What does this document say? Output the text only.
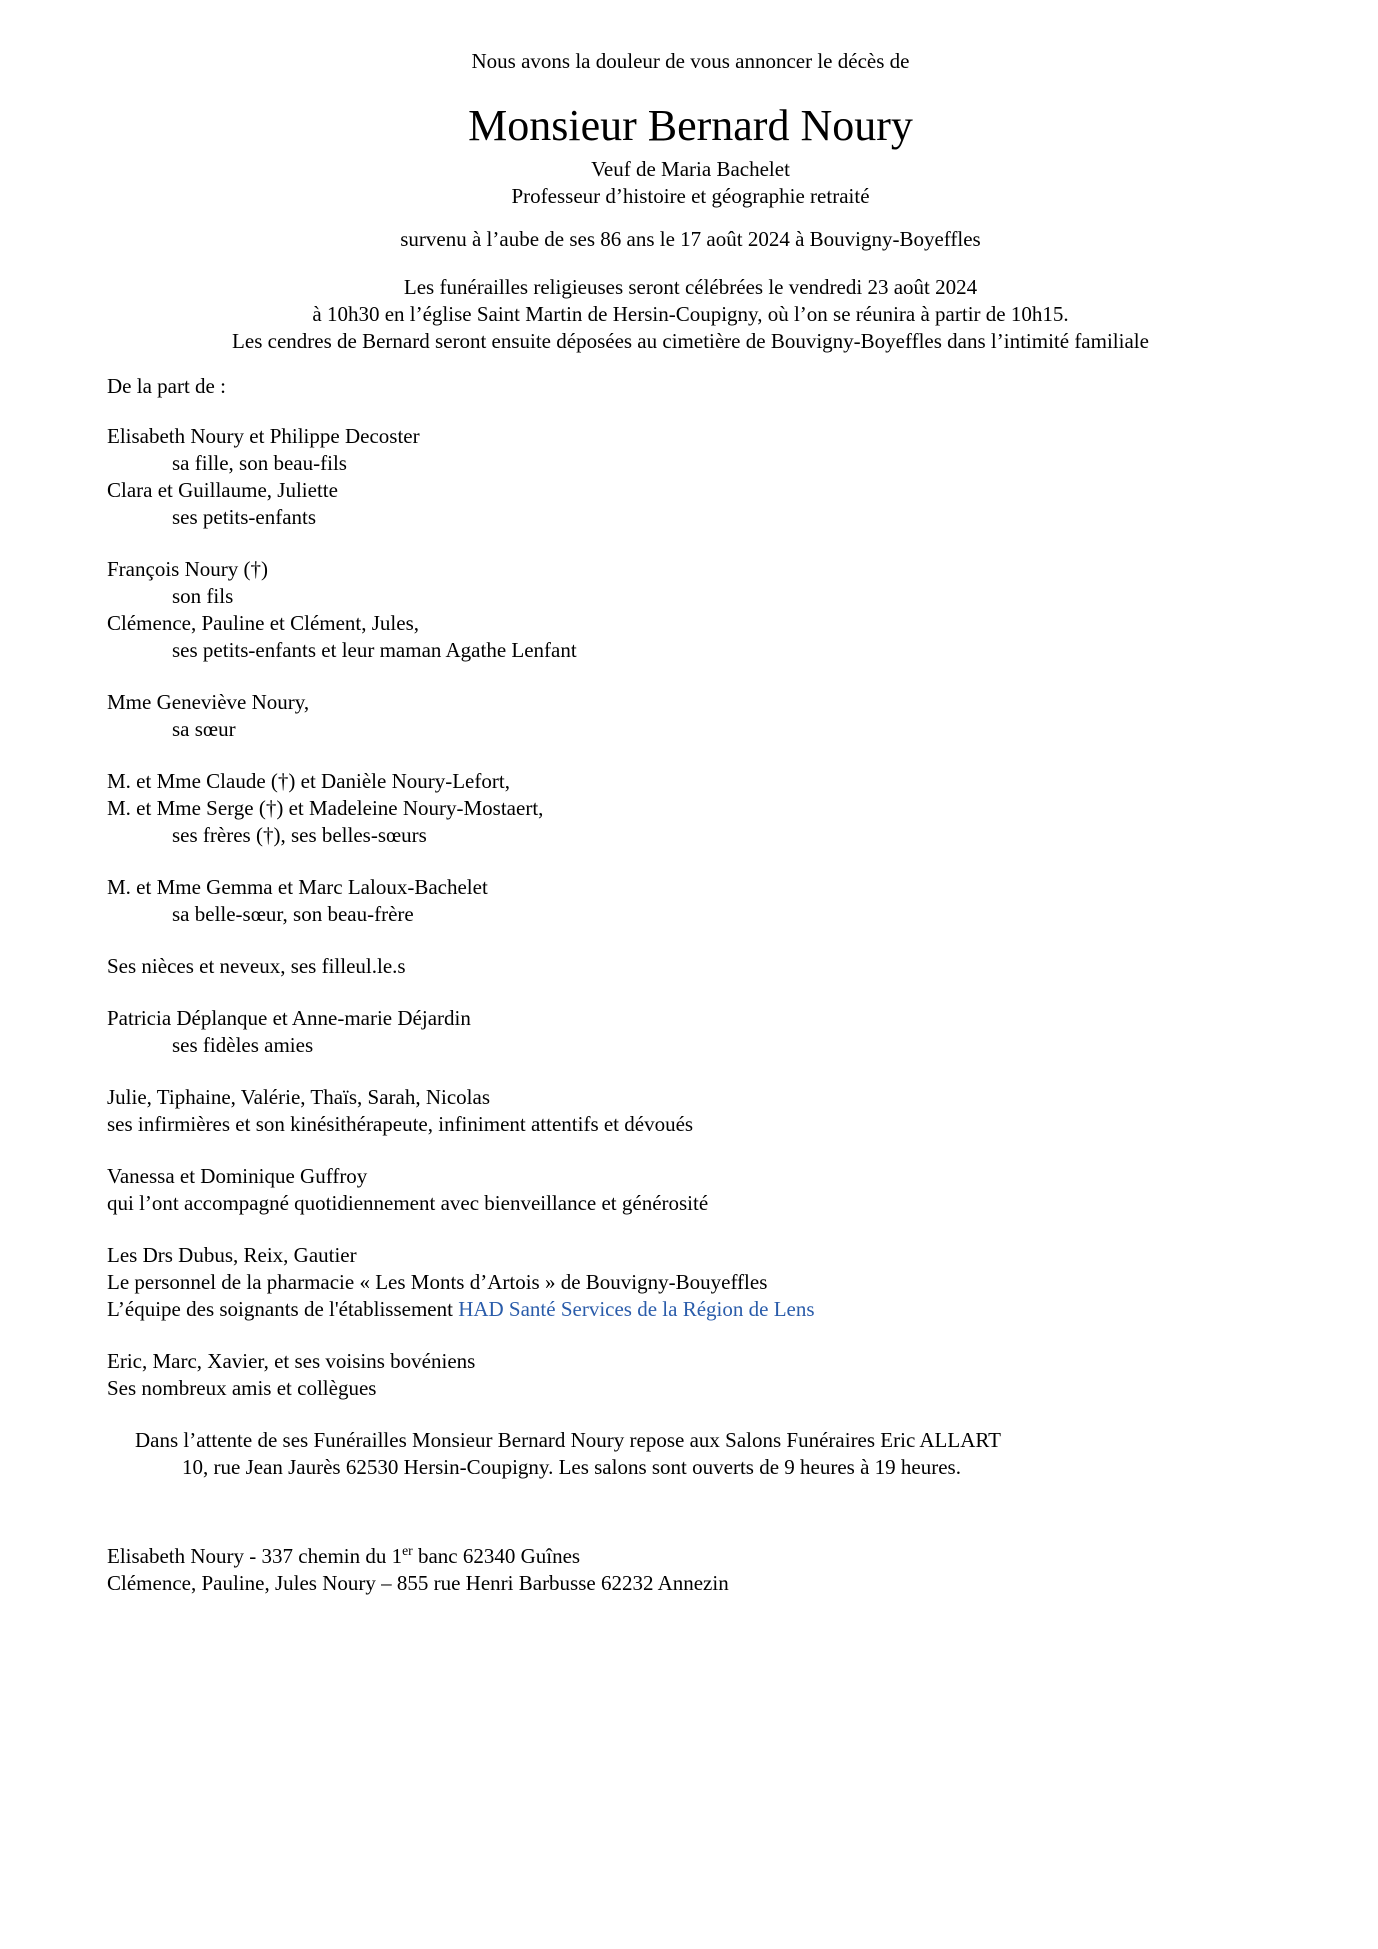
Nous avons la douleur de vous annoncer le décès de

Monsieur Bernard Noury

Veuf de Maria Bachelet

Professeur d’histoire et géographie retraité

survenu à l’aube de ses 86 ans le 17 août 2024 à Bouvigny-Boyeffles

Les funérailles religieuses seront célébrées le vendredi 23 août 2024

à 10h30 en l’église Saint Martin de Hersin-Coupigny, où l’on se réunira à partir de 10h15.

Les cendres de Bernard seront ensuite déposées au cimetière de Bouvigny-Boyeffles dans l’intimité familiale

De la part de :

Elisabeth Noury et Philippe Decoster

sa fille, son beau-fils

Clara et Guillaume, Juliette

ses petits-enfants

François Noury (†)

son fils

Clémence, Pauline et Clément, Jules,

ses petits-enfants et leur maman Agathe Lenfant

Mme Geneviève Noury,

sa sœur

M. et Mme Claude (†) et Danièle Noury-Lefort,

M. et Mme Serge (†) et Madeleine Noury-Mostaert,

ses frères (†), ses belles-sœurs

M. et Mme Gemma et Marc Laloux-Bachelet

sa belle-sœur, son beau-frère

Ses nièces et neveux, ses filleul.le.s

Patricia Déplanque et Anne-marie Déjardin

ses fidèles amies

Julie, Tiphaine, Valérie, Thaïs, Sarah, Nicolas

ses infirmières et son kinésithérapeute, infiniment attentifs et dévoués

Vanessa et Dominique Guffroy

qui l’ont accompagné quotidiennement avec bienveillance et générosité

Les Drs Dubus, Reix, Gautier

Le personnel de la pharmacie « Les Monts d’Artois » de Bouvigny-Bouyeffles

L’équipe des soignants de l'établissement HAD Santé Services de la Région de Lens

Eric, Marc, Xavier, et ses voisins bovéniens

Ses nombreux amis et collègues

Dans l’attente de ses Funérailles Monsieur Bernard Noury repose aux Salons Funéraires Eric ALLART

10, rue Jean Jaurès 62530 Hersin-Coupigny. Les salons sont ouverts de 9 heures à 19 heures.

Elisabeth Noury - 337 chemin du 1er banc 62340 Guînes

Clémence, Pauline, Jules Noury – 855 rue Henri Barbusse 62232 Annezin
